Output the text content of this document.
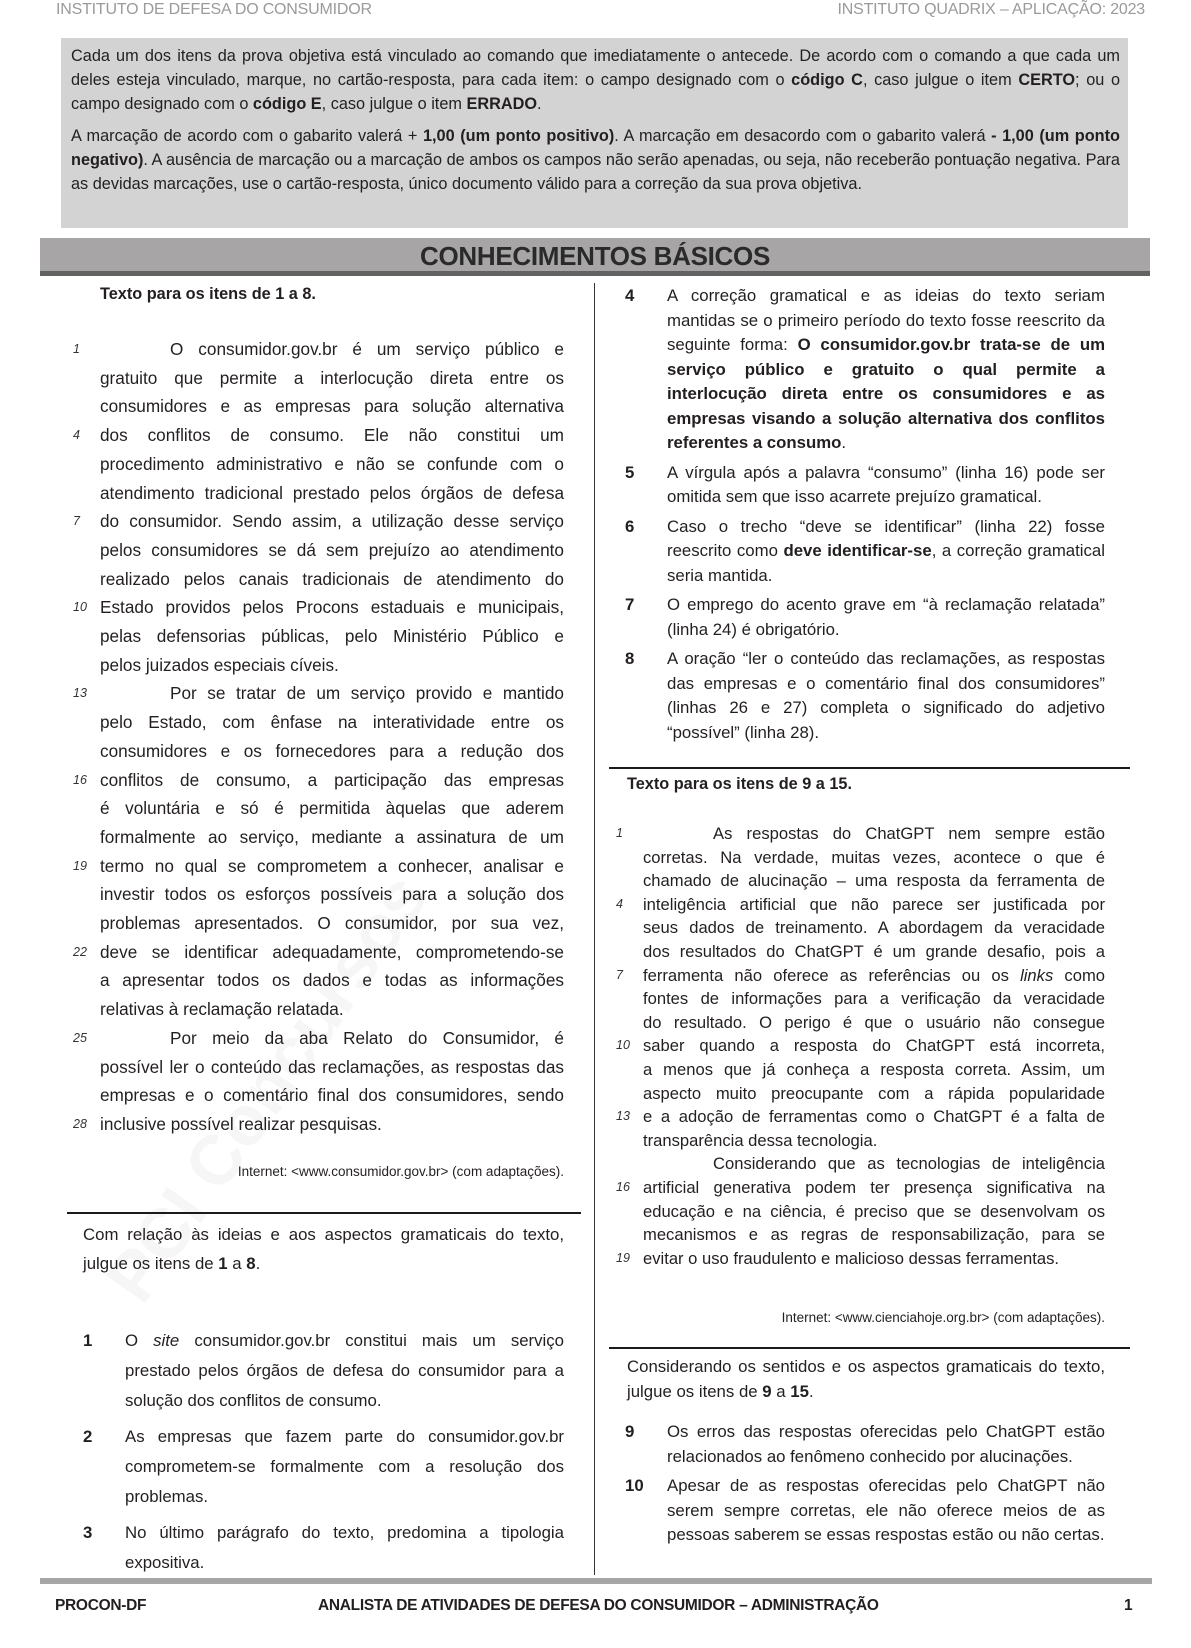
INSTITUTO DE DEFESA DO CONSUMIDOR	INSTITUTO QUADRIX – APLICAÇÃO: 2023

Cada um dos itens da prova objetiva está vinculado ao comando que imediatamente o antecede. De acordo com o comando a que cada um deles esteja vinculado, marque, no cartão-resposta, para cada item: o campo designado com o código C, caso julgue o item CERTO; ou o campo designado com o código E, caso julgue o item ERRADO.

A marcação de acordo com o gabarito valerá + 1,00 (um ponto positivo). A marcação em desacordo com o gabarito valerá - 1,00 (um ponto negativo). A ausência de marcação ou a marcação de ambos os campos não serão apenadas, ou seja, não receberão pontuação negativa. Para as devidas marcações, use o cartão-resposta, único documento válido para a correção da sua prova objetiva.

CONHECIMENTOS BÁSICOS
Texto para os itens de 1 a 8.
1	O consumidor.gov.br é um serviço público e
gratuito que permite a interlocução direta entre os
consumidores e as empresas para solução alternativa
4 dos conflitos de consumo. Ele não constitui um
procedimento administrativo e não se confunde com o
atendimento tradicional prestado pelos órgãos de defesa
7 do consumidor. Sendo assim, a utilização desse serviço
pelos consumidores se dá sem prejuízo ao atendimento
realizado pelos canais tradicionais de atendimento do
10 Estado providos pelos Procons estaduais e municipais,
pelas defensorias públicas, pelo Ministério Público e
pelos juizados especiais cíveis.
13	Por se tratar de um serviço provido e mantido
pelo Estado, com ênfase na interatividade entre os
consumidores e os fornecedores para a redução dos
16 conflitos de consumo, a participação das empresas
é voluntária e só é permitida àquelas que aderem
formalmente ao serviço, mediante a assinatura de um
19 termo no qual se comprometem a conhecer, analisar e
investir todos os esforços possíveis para a solução dos
problemas apresentados. O consumidor, por sua vez,
22 deve se identificar adequadamente, comprometendo-se
a apresentar todos os dados e todas as informações
relativas à reclamação relatada.
25	Por meio da aba Relato do Consumidor, é
possível ler o conteúdo das reclamações, as respostas das
empresas e o comentário final dos consumidores, sendo
28 inclusive possível realizar pesquisas.
Internet: <www.consumidor.gov.br> (com adaptações).
Com relação às ideias e aos aspectos gramaticais do texto, julgue os itens de 1 a 8.
1	O site consumidor.gov.br constitui mais um serviço prestado pelos órgãos de defesa do consumidor para a solução dos conflitos de consumo.
2	As empresas que fazem parte do consumidor.gov.br comprometem-se formalmente com a resolução dos problemas.
3	No último parágrafo do texto, predomina a tipologia expositiva.
4	A correção gramatical e as ideias do texto seriam mantidas se o primeiro período do texto fosse reescrito da seguinte forma: O consumidor.gov.br trata-se de um serviço público e gratuito o qual permite a interlocução direta entre os consumidores e as empresas visando a solução alternativa dos conflitos referentes a consumo.
5	A vírgula após a palavra “consumo” (linha 16) pode ser omitida sem que isso acarrete prejuízo gramatical.
6	Caso o trecho “deve se identificar” (linha 22) fosse reescrito como deve identificar-se, a correção gramatical seria mantida.
7	O emprego do acento grave em “à reclamação relatada” (linha 24) é obrigatório.
8	A oração “ler o conteúdo das reclamações, as respostas das empresas e o comentário final dos consumidores” (linhas 26 e 27) completa o significado do adjetivo “possível” (linha 28).
Texto para os itens de 9 a 15.
1	As respostas do ChatGPT nem sempre estão
corretas. Na verdade, muitas vezes, acontece o que é
chamado de alucinação – uma resposta da ferramenta de
4 inteligência artificial que não parece ser justificada por
seus dados de treinamento. A abordagem da veracidade
dos resultados do ChatGPT é um grande desafio, pois a
7 ferramenta não oferece as referências ou os links como
fontes de informações para a verificação da veracidade
do resultado. O perigo é que o usuário não consegue
10 saber quando a resposta do ChatGPT está incorreta,
a menos que já conheça a resposta correta. Assim, um
aspecto muito preocupante com a rápida popularidade
13 e a adoção de ferramentas como o ChatGPT é a falta de
transparência dessa tecnologia.
Considerando que as tecnologias de inteligência
16 artificial generativa podem ter presença significativa na
educação e na ciência, é preciso que se desenvolvam os
mecanismos e as regras de responsabilização, para se
19 evitar o uso fraudulento e malicioso dessas ferramentas.
Internet: <www.cienciahoje.org.br> (com adaptações).
Considerando os sentidos e os aspectos gramaticais do texto, julgue os itens de 9 a 15.
9	Os erros das respostas oferecidas pelo ChatGPT estão relacionados ao fenômeno conhecido por alucinações.
10	Apesar de as respostas oferecidas pelo ChatGPT não serem sempre corretas, ele não oferece meios de as pessoas saberem se essas respostas estão ou não certas.
PROCON-DF	ANALISTA DE ATIVIDADES DE DEFESA DO CONSUMIDOR – ADMINISTRAÇÃO	1
